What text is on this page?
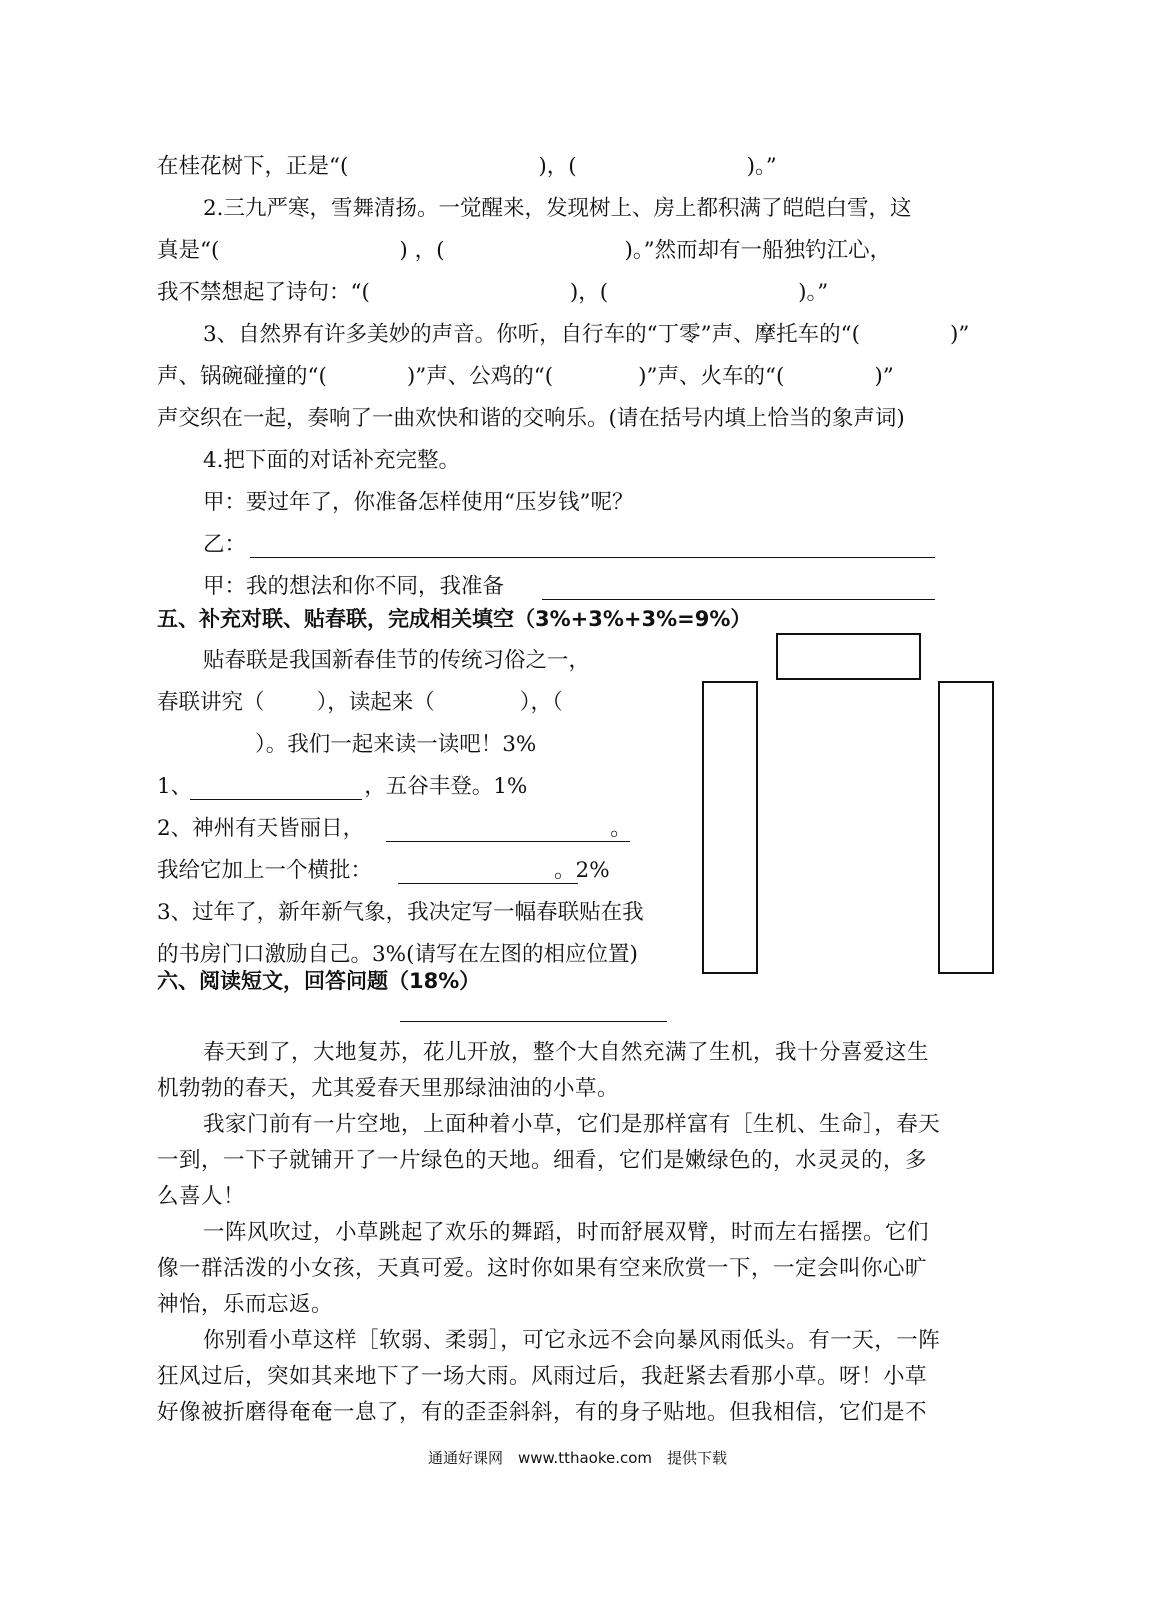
在桂花树下，正是“(	)，(	)。”
2.三九严寒，雪舞清扬。一觉醒来，发现树上、房上都积满了皑皑白雪，这
真是“(	) ，(	)。”然而却有一船独钓江心，
我不禁想起了诗句：“(	)，(	)。”
3、自然界有许多美妙的声音。你听，自行车的“丁零”声、摩托车的“(	)”
声、锅碗碰撞的“(	)”声、公鸡的“(	)”声、火车的“(	)”
声交织在一起，奏响了一曲欢快和谐的交响乐。(请在括号内填上恰当的象声词)
4.把下面的对话补充完整。
甲：要过年了，你准备怎样使用“压岁钱”呢？
乙：
甲：我的想法和你不同，我准备
五、补充对联、贴春联，完成相关填空（3%+3%+3%=9%）
贴春联是我国新春佳节的传统习俗之一，
春联讲究（ ），读起来（	），（
）。我们一起来读一读吧！3%
1、	，五谷丰登。1%
2、神州有天皆丽日，	。
我给它加上一个横批：	。2%
3、过年了，新年新气象，我决定写一幅春联贴在我
的书房门口激励自己。3%(请写在左图的相应位置)
六、阅读短文，回答问题（18%）
春天到了，大地复苏，花儿开放，整个大自然充满了生机，我十分喜爱这生
机勃勃的春天，尤其爱春天里那绿油油的小草。
我家门前有一片空地，上面种着小草，它们是那样富有［生机、生命］，春天
一到，一下子就铺开了一片绿色的天地。细看，它们是嫩绿色的，水灵灵的，多
么喜人！
一阵风吹过，小草跳起了欢乐的舞蹈，时而舒展双臂，时而左右摇摆。它们
像一群活泼的小女孩，天真可爱。这时你如果有空来欣赏一下，一定会叫你心旷
神怡，乐而忘返。
你别看小草这样［软弱、柔弱］，可它永远不会向暴风雨低头。有一天，一阵
狂风过后，突如其来地下了一场大雨。风雨过后，我赶紧去看那小草。呀！小草
好像被折磨得奄奄一息了，有的歪歪斜斜，有的身子贴地。但我相信，它们是不
通通好课网　www.tthaoke.com　提供下载
